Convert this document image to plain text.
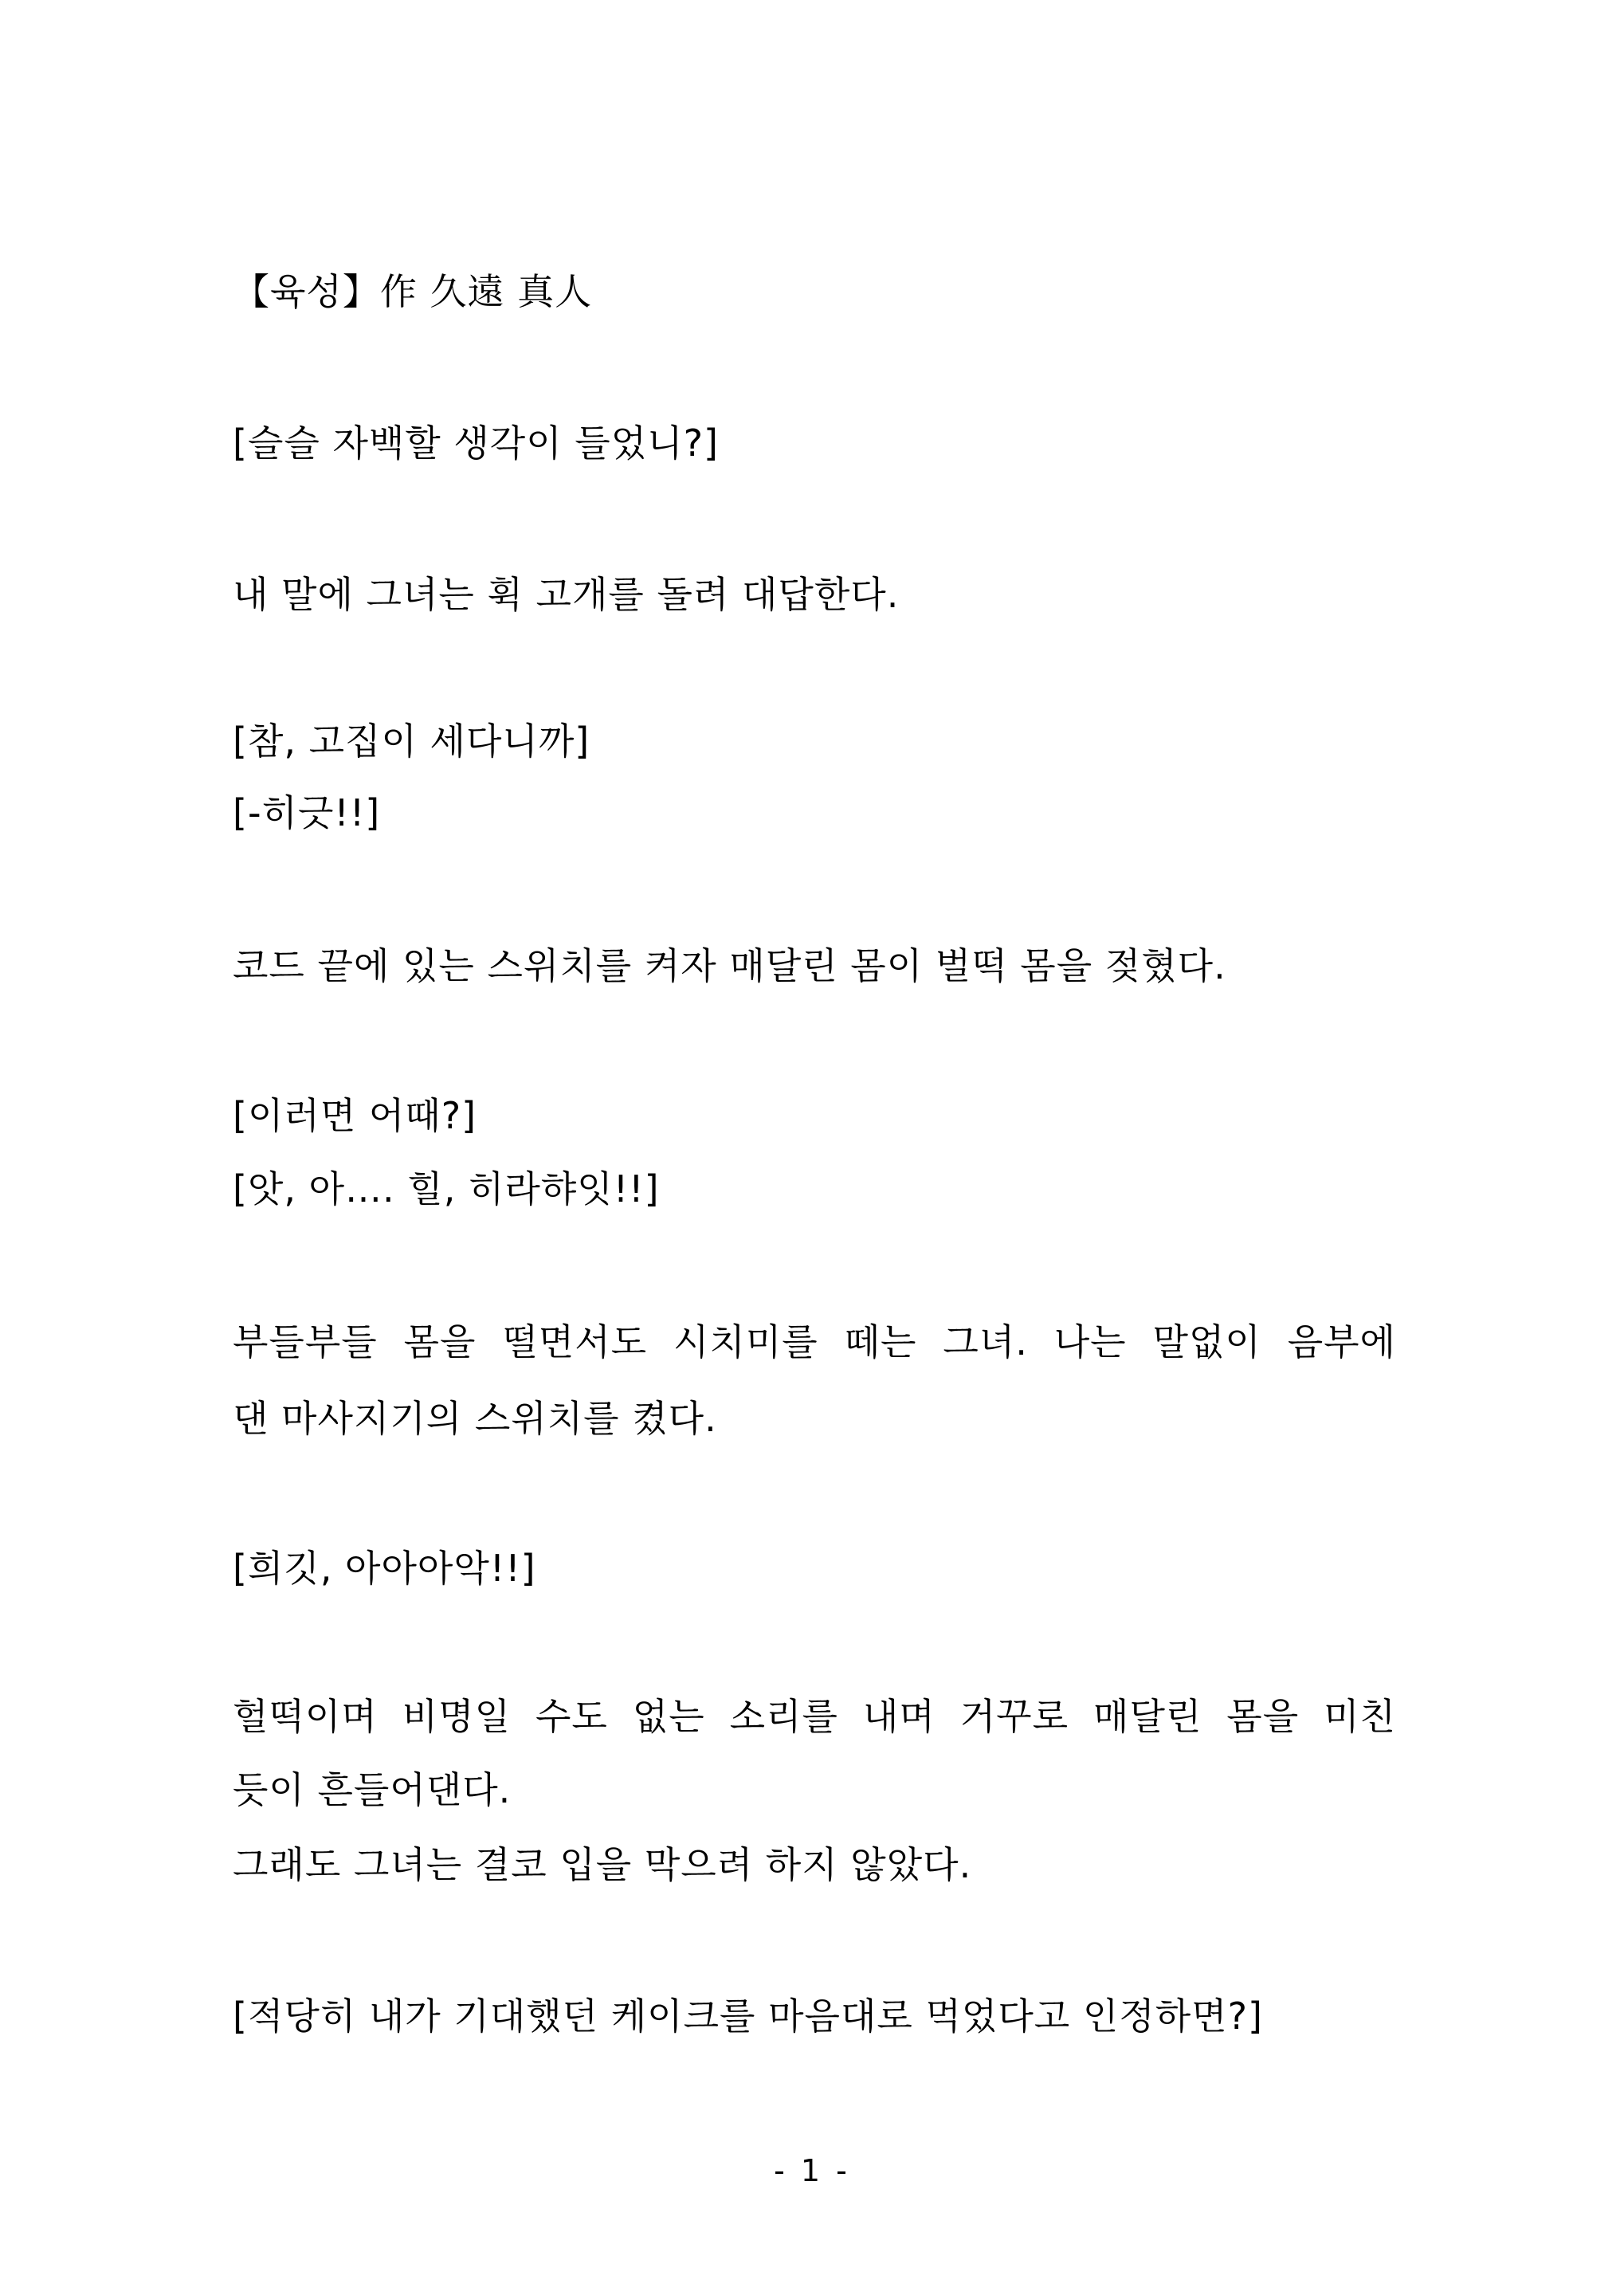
【육성】作 久遠 真人
[슬슬 자백할 생각이 들었니?]
내 말에 그녀는 휙 고개를 돌려 대답한다.
[참, 고집이 세다니까]
[-히긋!!]
코드 끝에 있는 스위치를 켜자 매달린 몸이 벌떡 몸을 젖혔다.
[이러면 어때?]
[앗, 아…. 힐, 히라햐잇!!]
부들부들 몸을 떨면서도 시치미를 떼는 그녀. 나는 말없이 음부에
댄 마사지기의 스위치를 켰다.
[희깃, 아아아악!!]
헐떡이며 비명일 수도 없는 소리를 내며 거꾸로 매달린 몸을 미친
듯이 흔들어댄다.
그래도 그녀는 결코 입을 막으려 하지 않았다.
[적당히 내가 기대했던 케이크를 마음대로 먹었다고 인정하면?]
- 1 -
